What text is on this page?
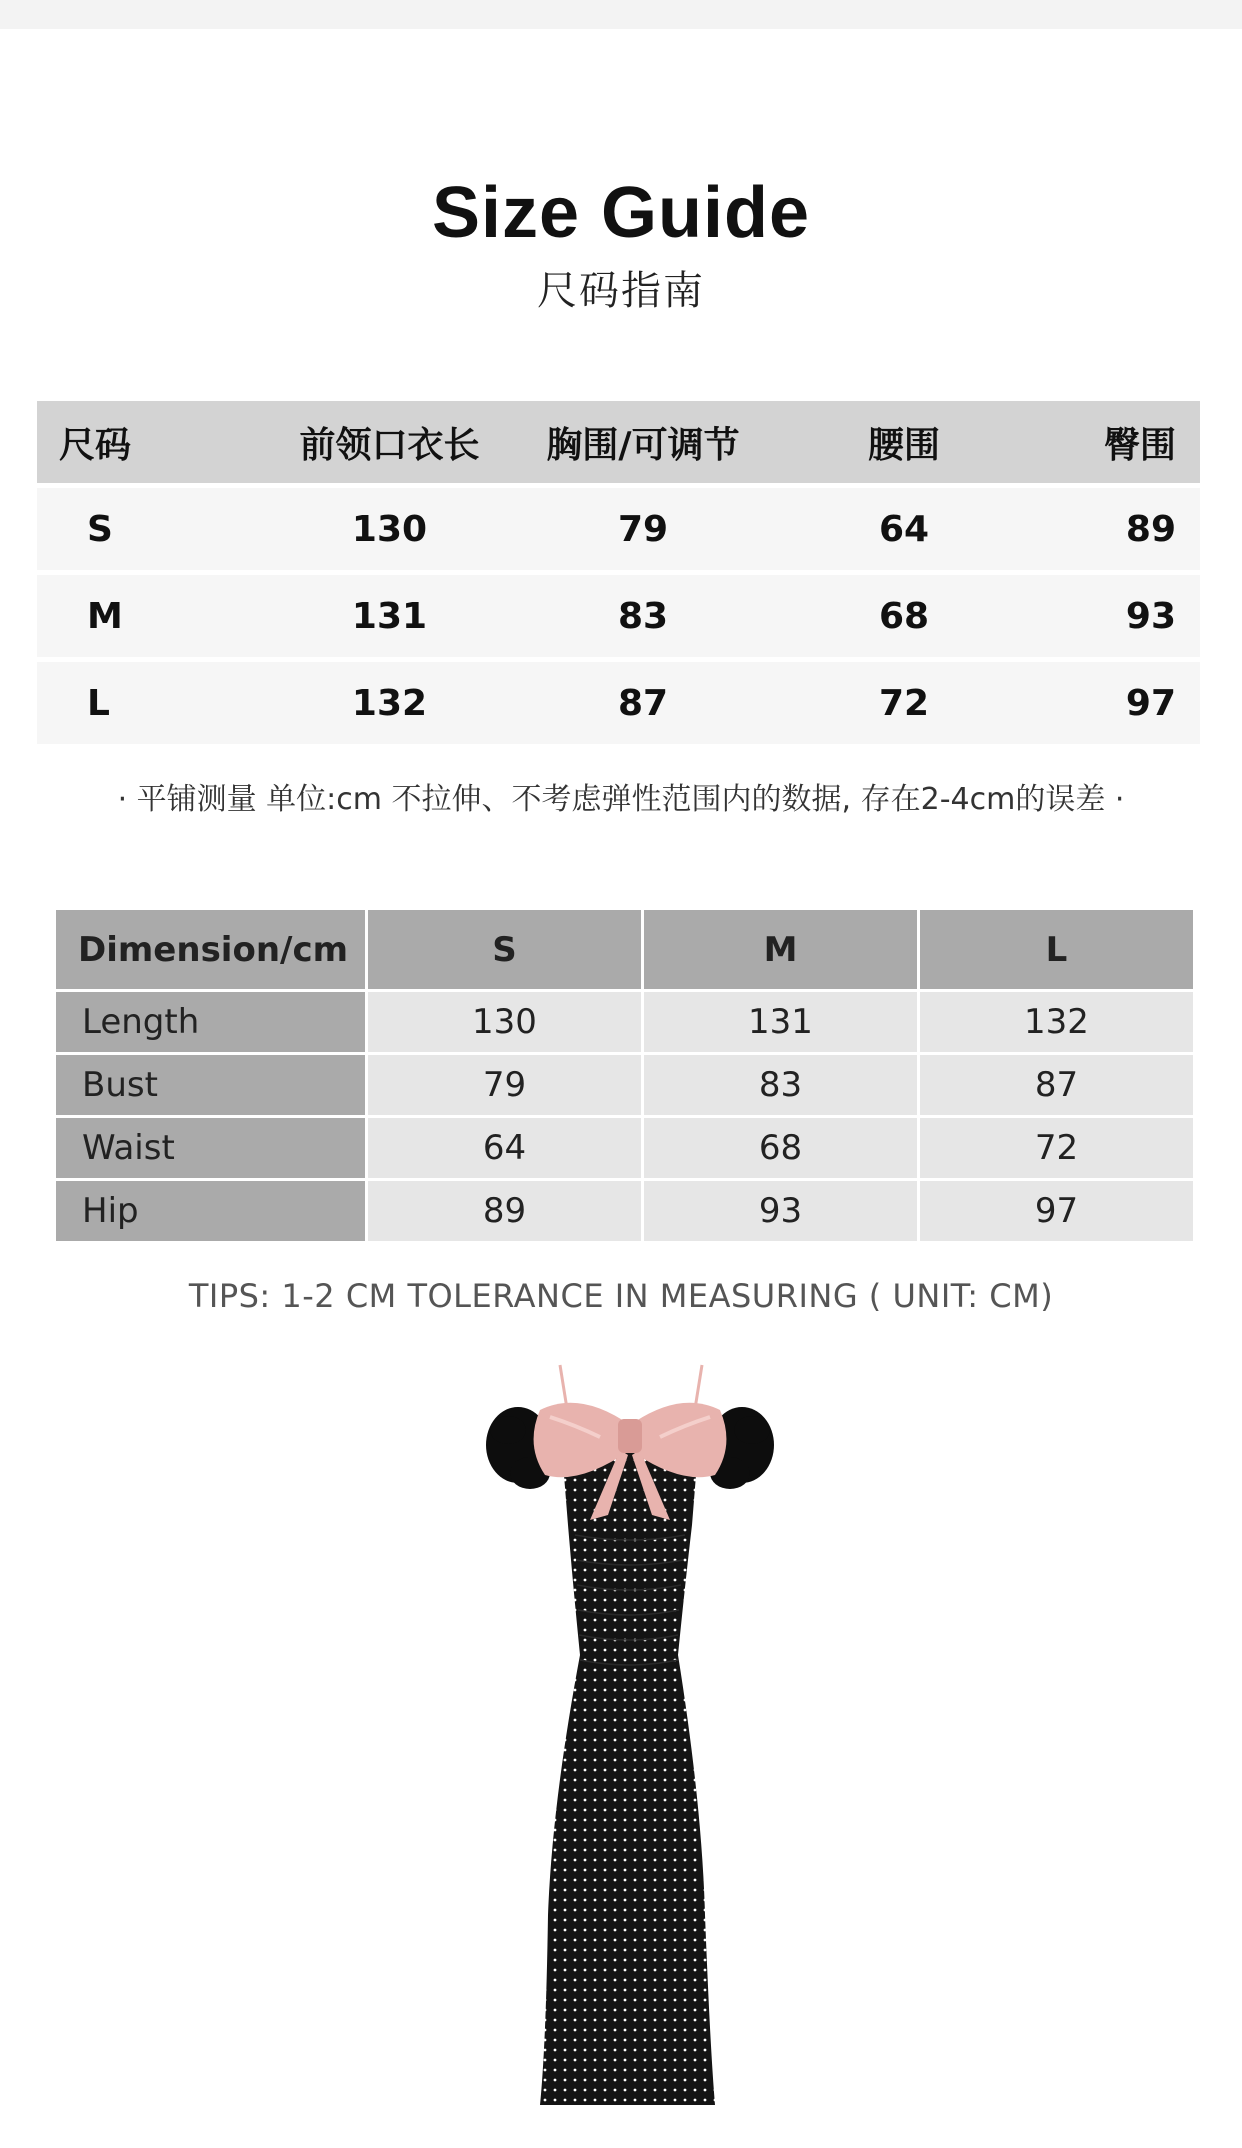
Size Guide
尺码指南
尺码	前领口衣长	胸围/可调节	腰围	臀围
S	130	79	64	89
M	131	83	68	93
L	132	87	72	97
· 平铺测量 单位:cm 不拉伸、不考虑弹性范围内的数据, 存在2-4cm的误差 ·
Dimension/cm	S	M	L
Length	130	131	132
Bust	79	83	87
Waist	64	68	72
Hip	89	93	97
TIPS: 1-2 CM TOLERANCE IN MEASURING ( UNIT: CM)
